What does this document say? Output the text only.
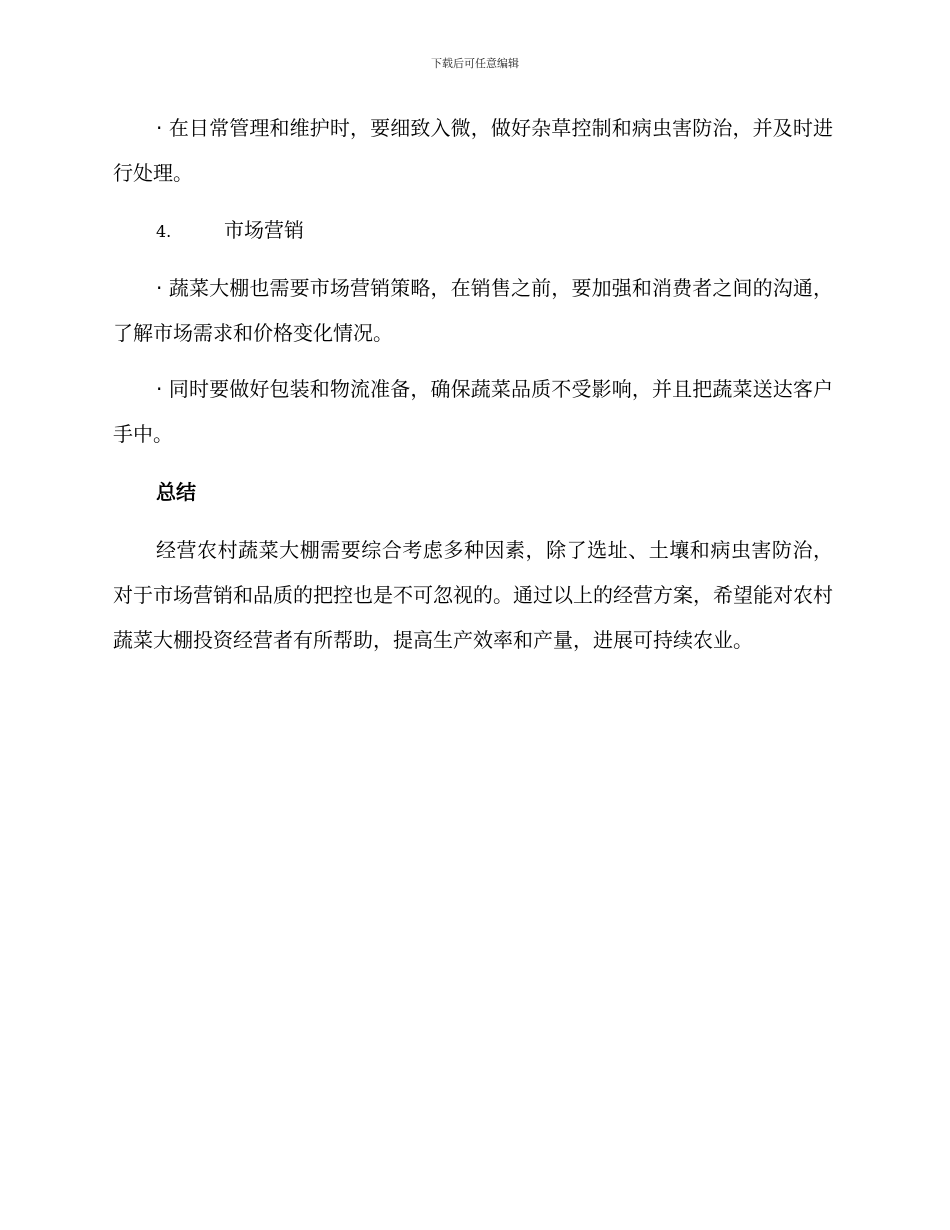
下载后可任意编辑

· 在日常管理和维护时，要细致入微，做好杂草控制和病虫害防治，并及时进行处理。

4.	市场营销

· 蔬菜大棚也需要市场营销策略，在销售之前，要加强和消费者之间的沟通，了解市场需求和价格变化情况。

· 同时要做好包装和物流准备，确保蔬菜品质不受影响，并且把蔬菜送达客户手中。

总结

经营农村蔬菜大棚需要综合考虑多种因素，除了选址、土壤和病虫害防治，对于市场营销和品质的把控也是不可忽视的。通过以上的经营方案，希望能对农村蔬菜大棚投资经营者有所帮助，提高生产效率和产量，进展可持续农业。
